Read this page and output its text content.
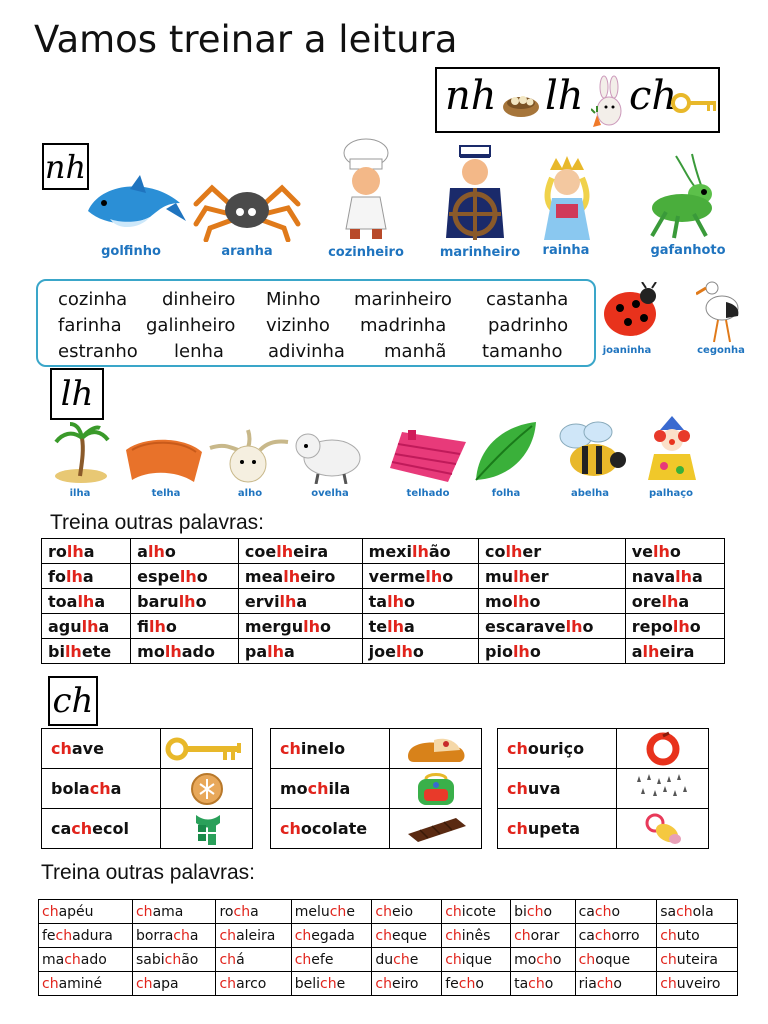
Vamos treinar a leitura
nh lh ch
nh
golfinho	aranha	cozinheiro	marinheiro	rainha	gafanhoto
cozinha dinheiro Minho marinheiro castanha
farinha galinheiro vizinho madrinha padrinho
estranho lenha adivinha manhã tamanho	joaninha	cegonha
lh
ilha	telha	alho	ovelha	telhado	folha	abelha	palhaço
Treina outras palavras:
rolha	alho	coelheira	mexilhão	colher	velho
folha	espelho	mealheiro	vermelho	mulher	navalha
toalha	barulho	ervilha	talho	molho	orelha
agulha	filho	mergulho	telha	escaravelho	repolho
bilhete	molhado	palha	joelho	piolho	alheira
ch
chave	

bolacha	

cachecol	
chinelo	

mochila	

chocolate	
chouriço	

chuva	

chupeta	
Treina outras palavras:
chapéu	chama	rocha	meluche	cheio	chicote	bicho	cacho	sachola
fechadura	borracha	chaleira	chegada	cheque	chinês	chorar	cachorro	chuto
machado	sabichão	chá	chefe	duche	chique	mocho	choque	chuteira
chaminé	chapa	charco	beliche	cheiro	fecho	tacho	riacho	chuveiro
